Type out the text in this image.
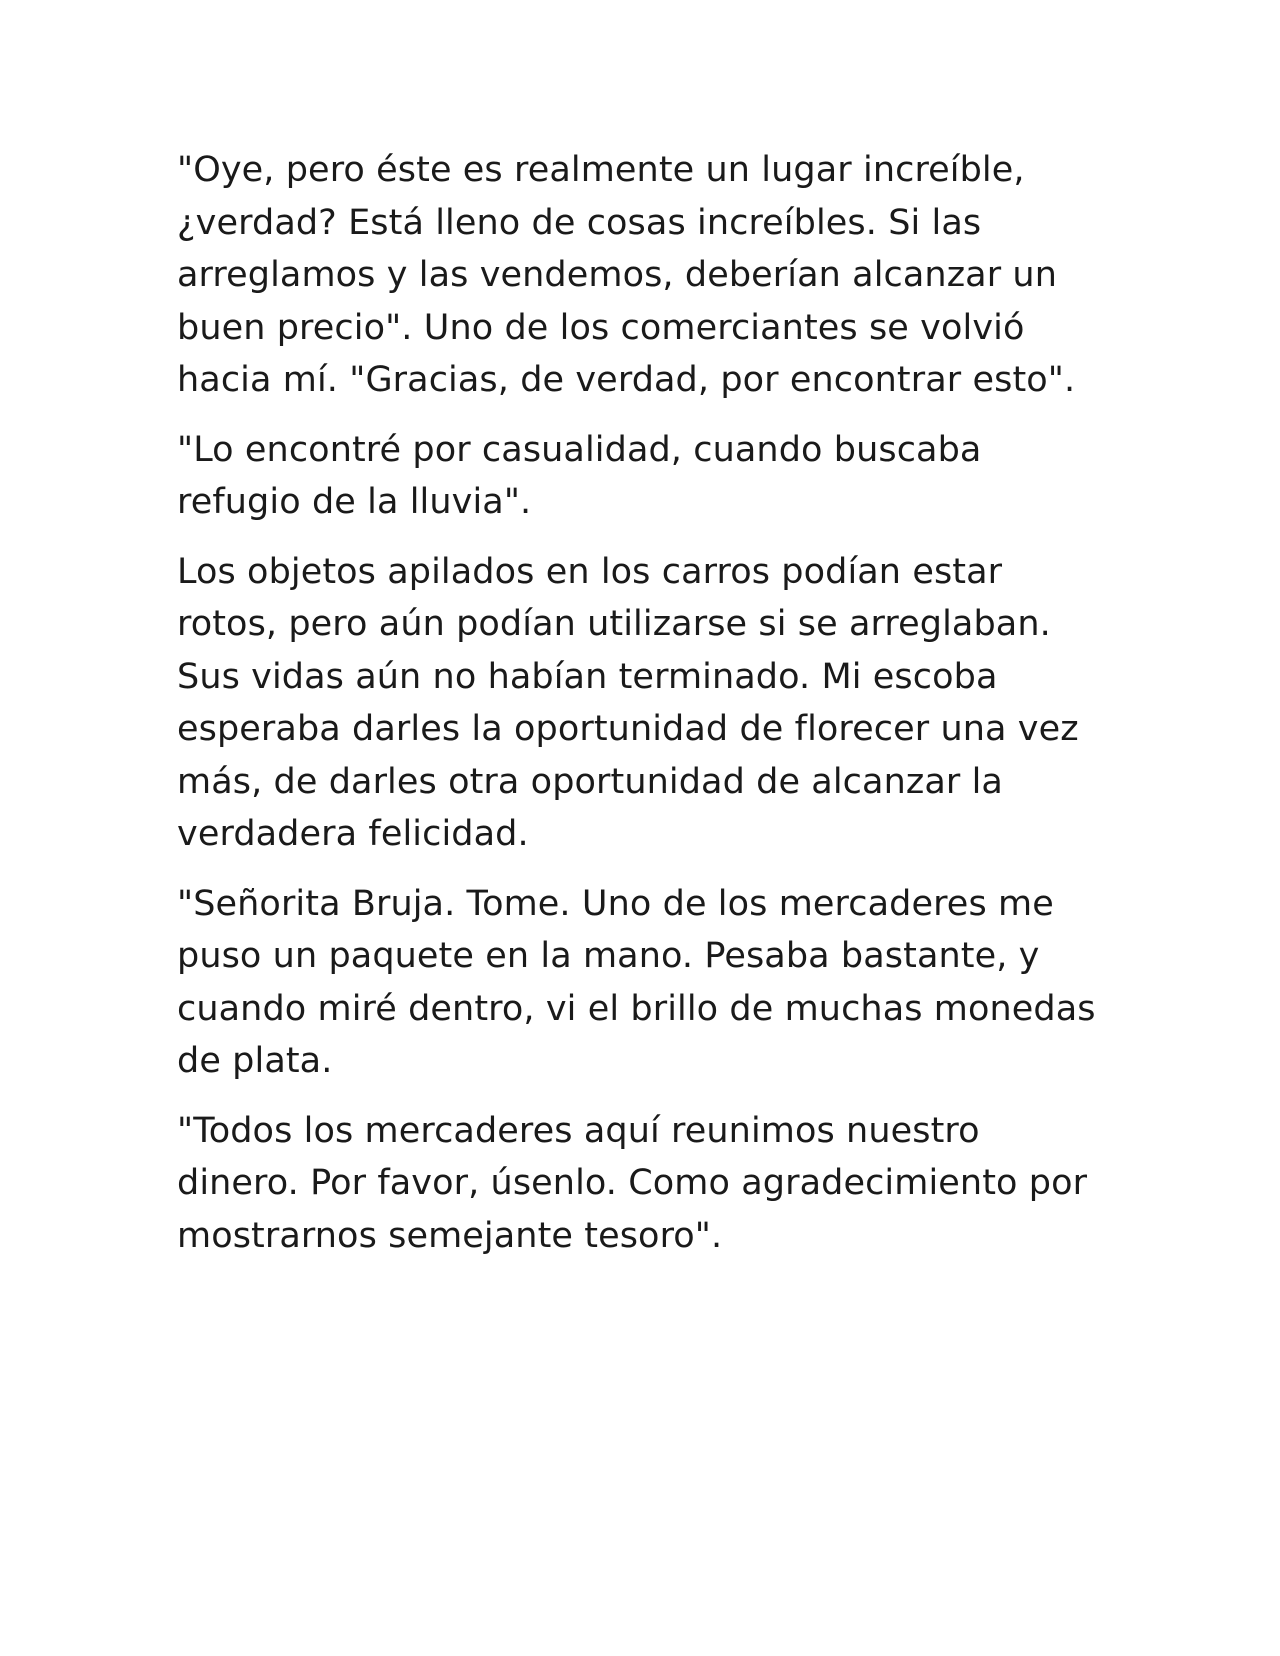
"Oye, pero éste es realmente un lugar increíble, ¿verdad? Está lleno de cosas increíbles. Si las arreglamos y las vendemos, deberían alcanzar un buen precio". Uno de los comerciantes se volvió hacia mí. "Gracias, de verdad, por encontrar esto".

"Lo encontré por casualidad, cuando buscaba refugio de la lluvia".

Los objetos apilados en los carros podían estar rotos, pero aún podían utilizarse si se arreglaban. Sus vidas aún no habían terminado. Mi escoba esperaba darles la oportunidad de florecer una vez más, de darles otra oportunidad de alcanzar la verdadera felicidad.

"Señorita Bruja. Tome. Uno de los mercaderes me puso un paquete en la mano. Pesaba bastante, y cuando miré dentro, vi el brillo de muchas monedas de plata.

"Todos los mercaderes aquí reunimos nuestro dinero. Por favor, úsenlo. Como agradecimiento por mostrarnos semejante tesoro".
